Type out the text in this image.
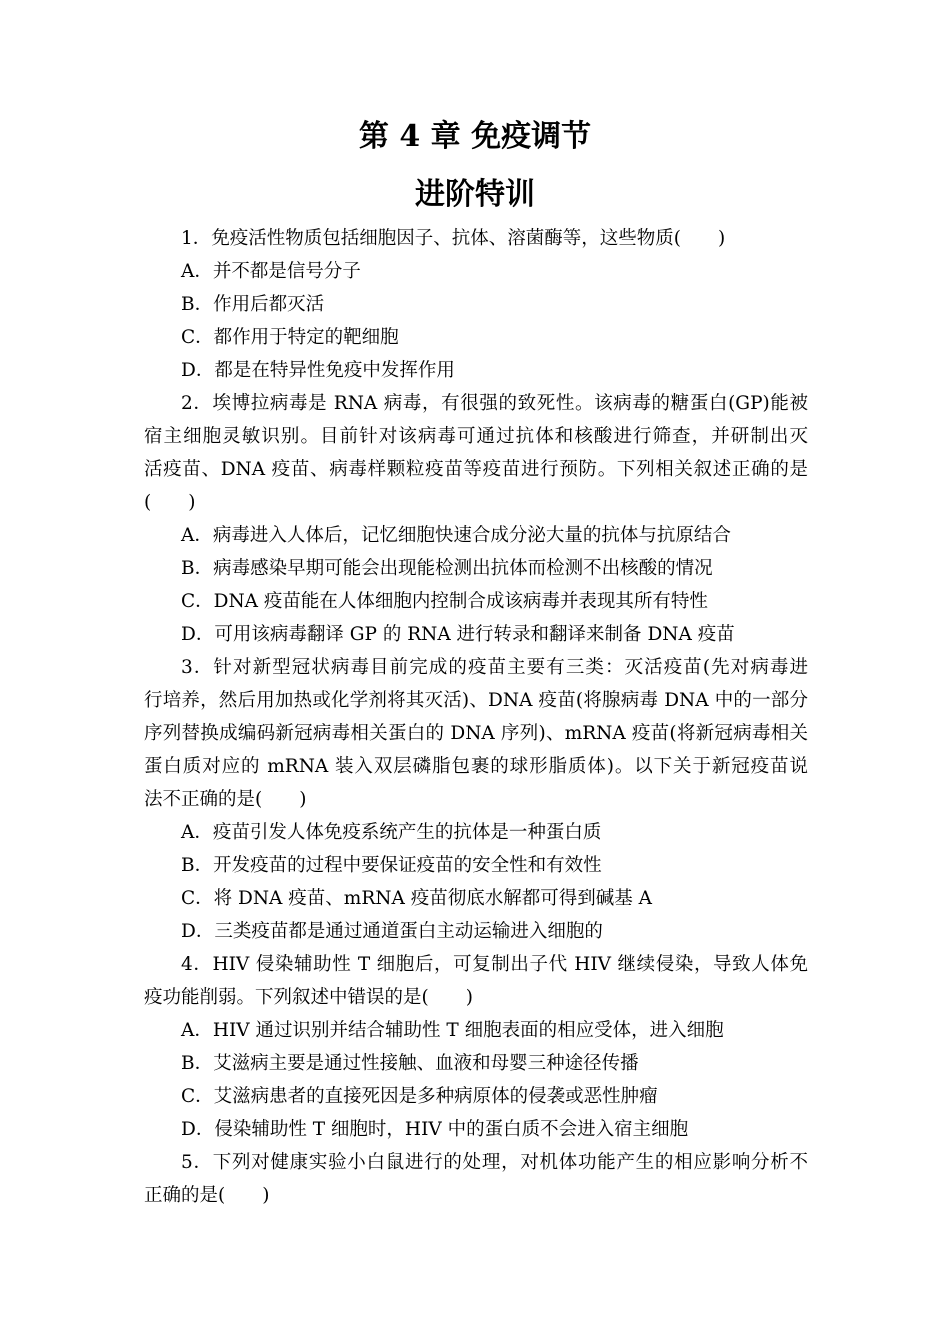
第 4 章 免疫调节
进阶特训
1．免疫活性物质包括细胞因子、抗体、溶菌酶等，这些物质(　　)
A．并不都是信号分子
B．作用后都灭活
C．都作用于特定的靶细胞
D．都是在特异性免疫中发挥作用
2．埃博拉病毒是 RNA 病毒，有很强的致死性。该病毒的糖蛋白(GP)能被
宿主细胞灵敏识别。目前针对该病毒可通过抗体和核酸进行筛查，并研制出灭
活疫苗、DNA 疫苗、病毒样颗粒疫苗等疫苗进行预防。下列相关叙述正确的是
(　　)
A．病毒进入人体后，记忆细胞快速合成分泌大量的抗体与抗原结合
B．病毒感染早期可能会出现能检测出抗体而检测不出核酸的情况
C．DNA 疫苗能在人体细胞内控制合成该病毒并表现其所有特性
D．可用该病毒翻译 GP 的 RNA 进行转录和翻译来制备 DNA 疫苗
3．针对新型冠状病毒目前完成的疫苗主要有三类：灭活疫苗(先对病毒进
行培养，然后用加热或化学剂将其灭活)、DNA 疫苗(将腺病毒 DNA 中的一部分
序列替换成编码新冠病毒相关蛋白的 DNA 序列)、mRNA 疫苗(将新冠病毒相关
蛋白质对应的 mRNA 装入双层磷脂包裹的球形脂质体)。以下关于新冠疫苗说
法不正确的是(　　)
A．疫苗引发人体免疫系统产生的抗体是一种蛋白质
B．开发疫苗的过程中要保证疫苗的安全性和有效性
C．将 DNA 疫苗、mRNA 疫苗彻底水解都可得到碱基 A
D．三类疫苗都是通过通道蛋白主动运输进入细胞的
4．HIV 侵染辅助性 T 细胞后，可复制出子代 HIV 继续侵染，导致人体免
疫功能削弱。下列叙述中错误的是(　　)
A．HIV 通过识别并结合辅助性 T 细胞表面的相应受体，进入细胞
B．艾滋病主要是通过性接触、血液和母婴三种途径传播
C．艾滋病患者的直接死因是多种病原体的侵袭或恶性肿瘤
D．侵染辅助性 T 细胞时，HIV 中的蛋白质不会进入宿主细胞
5．下列对健康实验小白鼠进行的处理，对机体功能产生的相应影响分析不
正确的是(　　)
